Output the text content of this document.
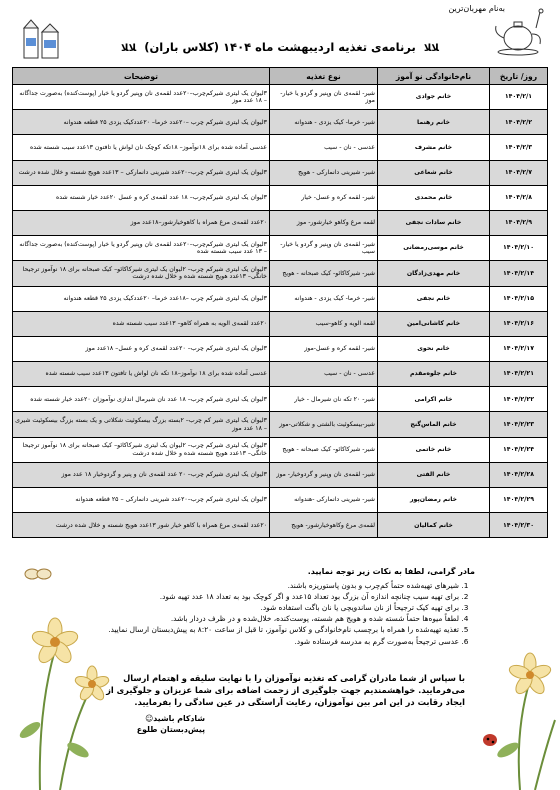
به‌نام مهربان‌ترین
ﻼﻼ برنامه‌ی تغذیه اردیبهشت ماه ۱۴۰۴ (کلاس باران) ﻼﻼ
روز/ تاریخ	نام‌خانوادگی نو آموز	نوع تغذیه	توضیحات
۱۴۰۴/۲/۱	خانم جوادی	شیر- لقمه‌ی نان وپنیر و گردو یا خیار- موز	۳لیوان یک لیتری شیرکم‌چرب–۲۰عدد لقمه‌ی نان وپنیر گردو یا خیار (پوست‌کنده) به‌صورت جداگانه – ۱۸ عدد موز
۱۴۰۴/۲/۲	خانم رهنما	شیر- خرما- کیک یزدی - هندوانه	۳لیوان یک لیتری شیرکم چرب –۲۰عدد خرما– ۲۰عددکیک یزدی ۲۵ قطعه هندوانه
۱۴۰۴/۲/۳	خانم مشرف	عدسی - نان - سیب	عدسی آماده شده برای ۱۸نوآموز– ۱۸تکه کوچک نان لواش یا تافتون ۱۳عدد سیب شسته شده
۱۴۰۴/۲/۷	خانم شعاعی	شیر- شیرینی دانمارکی - هویج	۳لیوان یک لیتری شیرکم چرب–۲۰عدد شیرینی دانمارکی – ۱۳عدد هویج شسته و خلال شده درشت
۱۴۰۴/۲/۸	خانم محمدی	شیر- لقمه کره و عسل- خیار	۳لیوان یک لیتری شیرکم‌چرب– ۱۸ عدد لقمه‌ی کره و عسل ۲۰عدد خیار شسته شده
۱۴۰۴/۲/۹	خانم سادات نجفی	لقمه مرغ وکاهو خیارشور- موز	۲۰عدد لقمه‌ی مرغ همراه با کاهوخیارشور–۱۸عدد موز
۱۴۰۴/۲/۱۰	خانم موسی‌رمضانی	شیر- لقمه‌ی نان وپنیر و گردو یا خیار- سیب	۳لیوان یک لیتری شیرکم‌چرب–۲۰عدد لقمه‌ی نان وپنیر گردو یا خیار (پوست‌کنده) به‌صورت جداگانه – ۱۳ عدد سیب شسته شده
۱۴۰۴/۲/۱۴	خانم مهدی‌زادگان	شیر- شیرکاکائو- کیک صبحانه - هویج	۳لیوان یک لیتری شیرکم چرب– ۲لیوان یک لیتری شیرکاکائو– کیک صبحانه برای ۱۸ نوآموز ترجیحا خانگی– ۱۳عدد هویج شسته شده و خلال شده درشت
۱۴۰۴/۲/۱۵	خانم نجفی	شیر- خرما- کیک یزدی - هندوانه	۳لیوان یک لیتری شیرکم چرب –۱۸عدد خرما– ۲۰عددکیک یزدی ۲۵ قطعه هندوانه
۱۴۰۴/۲/۱۶	خانم کاشانی‌امین	لقمه الویه و کاهو-سیب	۲۰عدد لقمه‌ی الویه به همراه کاهو– ۱۳عدد سیب شسته شده
۱۴۰۴/۲/۱۷	خانم نحوی	شیر- لقمه کره و عسل-موز	۳لیوان یک لیتری شیرکم چرب– ۲۰عدد لقمه‌ی کره و عسل– ۱۸عدد موز
۱۴۰۴/۲/۲۱	خانم جلوه‌مقدم	عدسی - نان - سیب	عدسی آماده شده برای ۱۸ نوآموز–۱۸ تکه نان لواش یا تافتون ۱۳عدد سیب شسته شده
۱۴۰۴/۲/۲۲	خانم اکرامی	شیر- ۲۰ تکه نان شیرمال - خیار	۳لیوان یک لیتری شیرکم چرب– ۱۸ عدد نان شیرمال اندازی نوآموزان ۲۰عدد خیار شسته شده
۱۴۰۴/۲/۲۳	خانم الماس‌گنج	شیر-بیسکوئیت بالشتی و شکلاتی-موز	۳لیوان یک لیتری شیر کم چرب– ۲بسته بزرگ بیسکوئیت شکلاتی و یک بسته بزرگ بیسکوئیت شیری – ۱۸ عدد موز
۱۴۰۴/۲/۲۴	خانم خاتمی	شیر- شیرکاکائو- کیک صبحانه - هویج	۳لیوان یک لیتری شیرکم چرب– ۲لیوان یک لیتری شیرکاکائو– کیک صبحانه برای ۱۸ نوآموز ترجیحا خانگی– ۱۳عدد هویج شسته شده و خلال شده درشت
۱۴۰۴/۲/۲۸	خانم الفتی	شیر- لقمه‌ی نان وپنیر و گردوخیار- موز	۳لیوان یک لیتری شیرکم چرب– ۲۰ عدد لقمه‌ی نان و پنیر و گردوخیار ۱۸ عدد موز
۱۴۰۴/۲/۲۹	خانم رمضان‌پور	شیر- شیرینی دانمارکی -هندوانه	۳لیوان یک لیتری شیرکم چرب–۲۰عدد شیرینی دانمارکی – ۲۵ قطعه هندوانه
۱۴۰۴/۲/۳۰	خانم کمالیان	لقمه‌ی مرغ وکاهوخیارشور- هویج	۲۰عدد لقمه‌ی مرغ همراه با کاهو خیار شور ۱۳عدد هویج شسته و خلال شده درشت
مادر گرامی، لطفا به نکات زیر توجه نمایید.
1. شیرهای تهیه‌شده حتماً کم‌چرب و بدون پاستوریزه باشند.
2. برای تهیه سیب چنانچه اندازه آن بزرگ بود تعداد ۱۵عدد و اگر کوچک بود به تعداد ۱۸ عدد تهیه شود.
3. برای تهیه کیک ترجیحاً از نان ساندویچی یا نان باگت استفاده شود.
4. لطفاً میوه‌ها حتماً شسته شده و هویج هم شسته، پوست‌کنده، خلال‌شده و در ظرف دردار باشد.
5. تغذیه تهیه‌شده را همراه با برچسب نام‌خانوادگی و کلاس نوآموز، تا قبل از ساعت ۸:۲۰ به پیش‌دبستان ارسال نمایید.
6. عدسی ترجیحاً به‌صورت گرم به مدرسه فرستاده شود.
با سپاس از شما مادران گرامی که تغذیه نوآموزان را با نهایت سلیقه و اهتمام ارسال می‌فرمایید. خواهشمندیم جهت جلوگیری از زحمت اضافه برای شما عزیزان و جلوگیری از ایجاد رقابت در این امر بین نوآموزان، رعایت آراستگی در عین سادگی را بفرمایید.
شاد‌کام باشید☺
پیش‌دبستان طلوع
